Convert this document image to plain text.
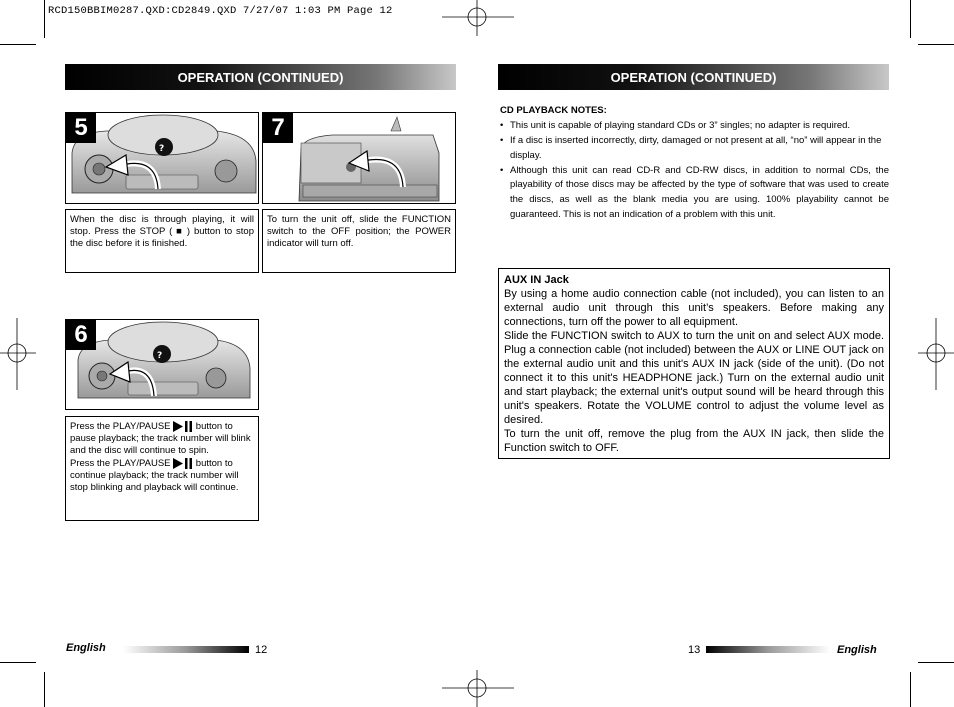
RCD150BBIM0287.QXD:CD2849.QXD 7/27/07 1:03 PM Page 12
OPERATION (CONTINUED)	OPERATION (CONTINUED)
?
5	7
When the disc is through playing, it will stop. Press the STOP ( ■ ) button to stop the disc before it is finished.
To turn the unit off, slide the FUNCTION switch to the OFF position; the POWER indicator will turn off.
?
6
Press the PLAY/PAUSE	button to pause playback; the track number will blink and the disc will continue to spin.
Press the PLAY/PAUSE	button to continue playback; the track number will stop blinking and playback will continue.
CD PLAYBACK NOTES:
• This unit is capable of playing standard CDs or 3” singles; no adapter is required.
• If a disc is inserted incorrectly, dirty, damaged or not present at all, “no” will appear in the display.
• Although this unit can read CD-R and CD-RW discs, in addition to normal CDs, the playability of those discs may be affected by the type of software that was used to create the discs, as well as the blank media you are using. 100% playability cannot be guaranteed. This is not an indication of a problem with this unit.
AUX IN Jack
By using a home audio connection cable (not included), you can listen to an external audio unit through this unit’s speakers. Before making any connections, turn off the power to all equipment.
Slide the FUNCTION switch to AUX to turn the unit on and select AUX mode. Plug a connection cable (not included) between the AUX or LINE OUT jack on the external audio unit and this unit's AUX IN jack (side of the unit). (Do not connect it to this unit's HEADPHONE jack.) Turn on the external audio unit and start playback; the external unit's output sound will be heard through this unit's speakers. Rotate the VOLUME control to adjust the volume level as desired.
To turn the unit off, remove the plug from the AUX IN jack, then slide the Function switch to OFF.
English	12	13	English
